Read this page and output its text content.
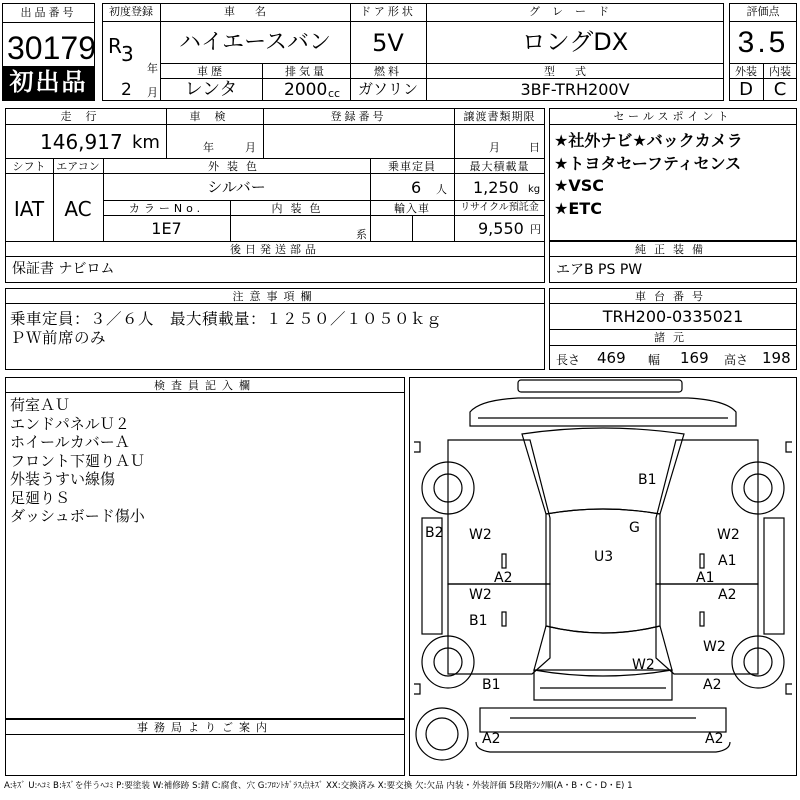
出品番号
30179
初出品
初度登録
R 3
年
2 月
車名
ハイエースバン
ドア形状
5V
グレード
ロングDX
車歴
レンタ
排気量
2000 cc
燃料
ガソリン
型式
3BF-TRH200V
評価点
3.5
外装	内装
D	C
走行
146,917 km
車検
年	月
登録番号	譲渡書類期限
月	日
シフト エアコン
IAT	AC
外装色
シルバー
乗車定員
6 人
最大積載量
1,250 kg
カラーNo.
1E7
内装色
系
輸入車	リサイクル預託金
9,550 円
後日発送部品
保証書 ナビロム
セールスポイント
★社外ナビ★バックカメラ
★トヨタセーフティセンス
★VSC
★ETC
純正装備
エアB PS PW
注意事項欄
乗車定員：３／６人　最大積載量：１２５０／１０５０ｋｇ
ＰＷ前席のみ
車台番号
TRH200-0335021
諸元
長さ 469 幅 169 高さ 198
検査員記入欄
荷室ＡＵ
エンドパネルＵ２
ホイールカバーＡ
フロント下廻りＡＵ
外装うすい線傷
足廻りＳ
ダッシュボード傷小
事務局よりご案内
B1
G
U3
B2 W2
A2
W2
A1
A1
W2
B1
A2
W2
W2
B1	A2
A2	A2
A:ｷｽﾞ U:ﾍｺﾐ B:ｷｽﾞを伴うﾍｺﾐ P:要塗装 W:補修跡 S:錆 C:腐食、穴 G:ﾌﾛﾝﾄｶﾞﾗｽ点ｷｽﾞ XX:交換済み X:要交換 欠:欠品 内装・外装評価 5段階ﾗﾝｸ順(A・B・C・D・E) 1
